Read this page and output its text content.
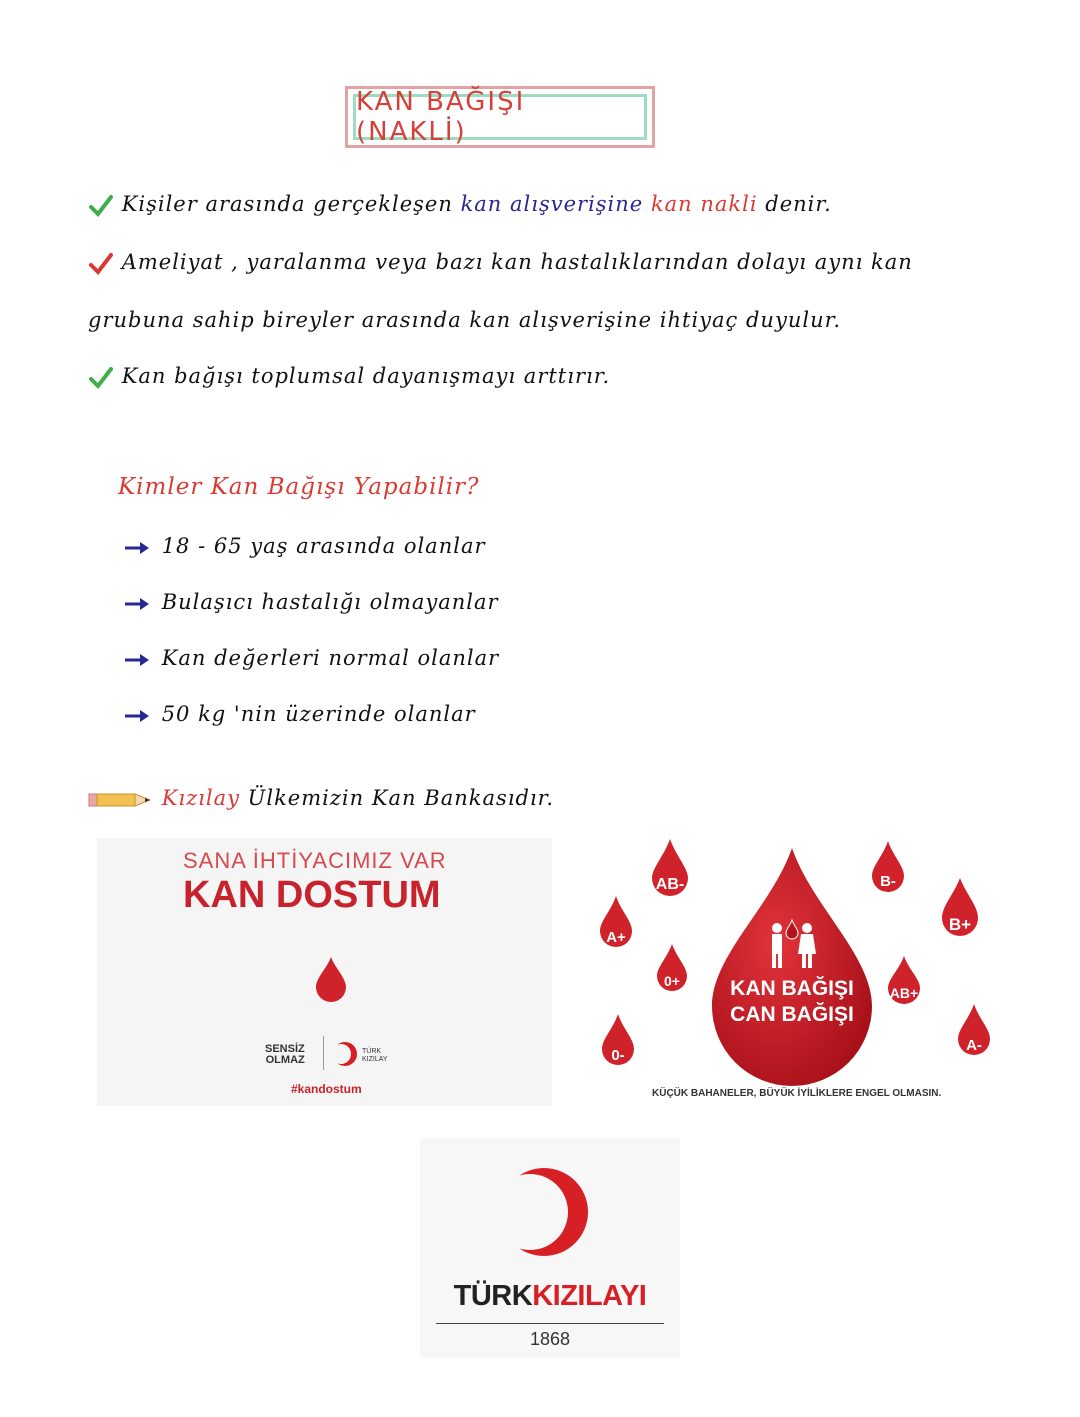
KAN BAĞIŞI (NAKLİ)
Kişiler arasında gerçekleşen kan alışverişine kan nakli denir.
Ameliyat , yaralanma veya bazı kan hastalıklarından dolayı aynı kan
grubuna sahip bireyler arasında kan alışverişine ihtiyaç duyulur.
Kan bağışı toplumsal dayanışmayı arttırır.
Kimler Kan Bağışı Yapabilir?
18 - 65 yaş arasında olanlar
Bulaşıcı hastalığı olmayanlar
Kan değerleri normal olanlar
50 kg 'nin üzerinde olanlar
Kızılay Ülkemizin Kan Bankasıdır.
SANA İHTİYACIMIZ VAR
KAN DOSTUM
SENSİZ
OLMAZ
TÜRK
KIZILAY
#kandostum
AB-	B-
A+
0+
B+
AB+
0-
A-
KAN BAĞIŞI
CAN BAĞIŞI
KÜÇÜK BAHANELER, BÜYÜK İYİLİKLERE ENGEL OLMASIN.
TÜRKKIZILAYI
1868
